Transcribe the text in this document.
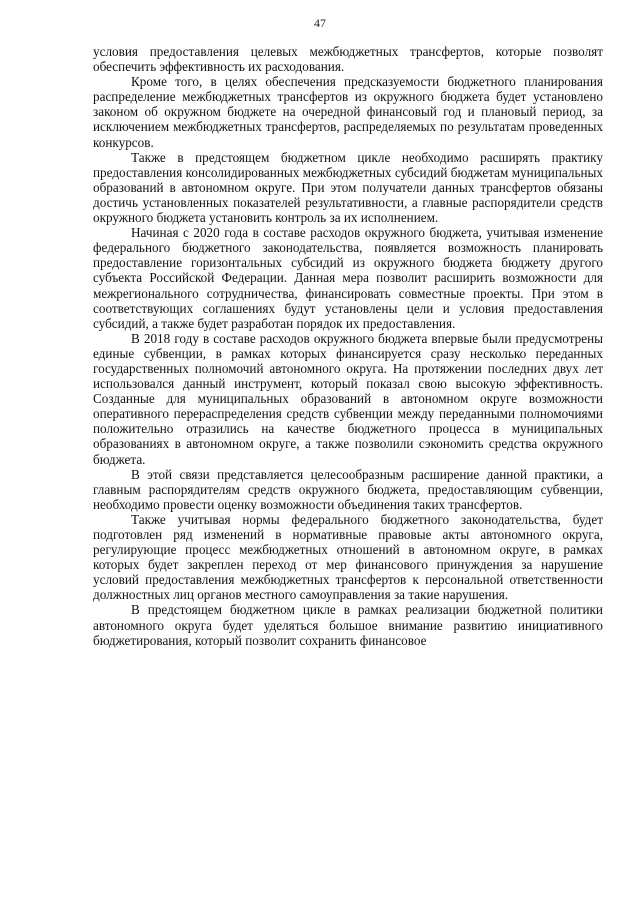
47

условия предоставления целевых межбюджетных трансфертов, которые позволят обеспечить эффективность их расходования.

Кроме того, в целях обеспечения предсказуемости бюджетного планирования распределение межбюджетных трансфертов из окружного бюджета будет установлено законом об окружном бюджете на очередной финансовый год и плановый период, за исключением межбюджетных трансфертов, распределяемых по результатам проведенных конкурсов.

Также в предстоящем бюджетном цикле необходимо расширять практику предоставления консолидированных межбюджетных субсидий бюджетам муниципальных образований в автономном округе. При этом получатели данных трансфертов обязаны достичь установленных показателей результативности, а главные распорядители средств окружного бюджета установить контроль за их исполнением.

Начиная с 2020 года в составе расходов окружного бюджета, учитывая изменение федерального бюджетного законодательства, появляется возможность планировать предоставление горизонтальных субсидий из окружного бюджета бюджету другого субъекта Российской Федерации. Данная мера позволит расширить возможности для межрегионального сотрудничества, финансировать совместные проекты. При этом в соответствующих соглашениях будут установлены цели и условия предоставления субсидий, а также будет разработан порядок их предоставления.

В 2018 году в составе расходов окружного бюджета впервые были предусмотрены единые субвенции, в рамках которых финансируется сразу несколько переданных государственных полномочий автономного округа. На протяжении последних двух лет использовался данный инструмент, который показал свою высокую эффективность. Созданные для муниципальных образований в автономном округе возможности оперативного перераспределения средств субвенции между переданными полномочиями положительно отразились на качестве бюджетного процесса в муниципальных образованиях в автономном округе, а также позволили сэкономить средства окружного бюджета.

В этой связи представляется целесообразным расширение данной практики, а главным распорядителям средств окружного бюджета, предоставляющим субвенции, необходимо провести оценку возможности объединения таких трансфертов.

Также учитывая нормы федерального бюджетного законодательства, будет подготовлен ряд изменений в нормативные правовые акты автономного округа, регулирующие процесс межбюджетных отношений в автономном округе, в рамках которых будет закреплен переход от мер финансового принуждения за нарушение условий предоставления межбюджетных трансфертов к персональной ответственности должностных лиц органов местного самоуправления за такие нарушения.

В предстоящем бюджетном цикле в рамках реализации бюджетной политики автономного округа будет уделяться большое внимание развитию инициативного бюджетирования, который позволит сохранить финансовое
